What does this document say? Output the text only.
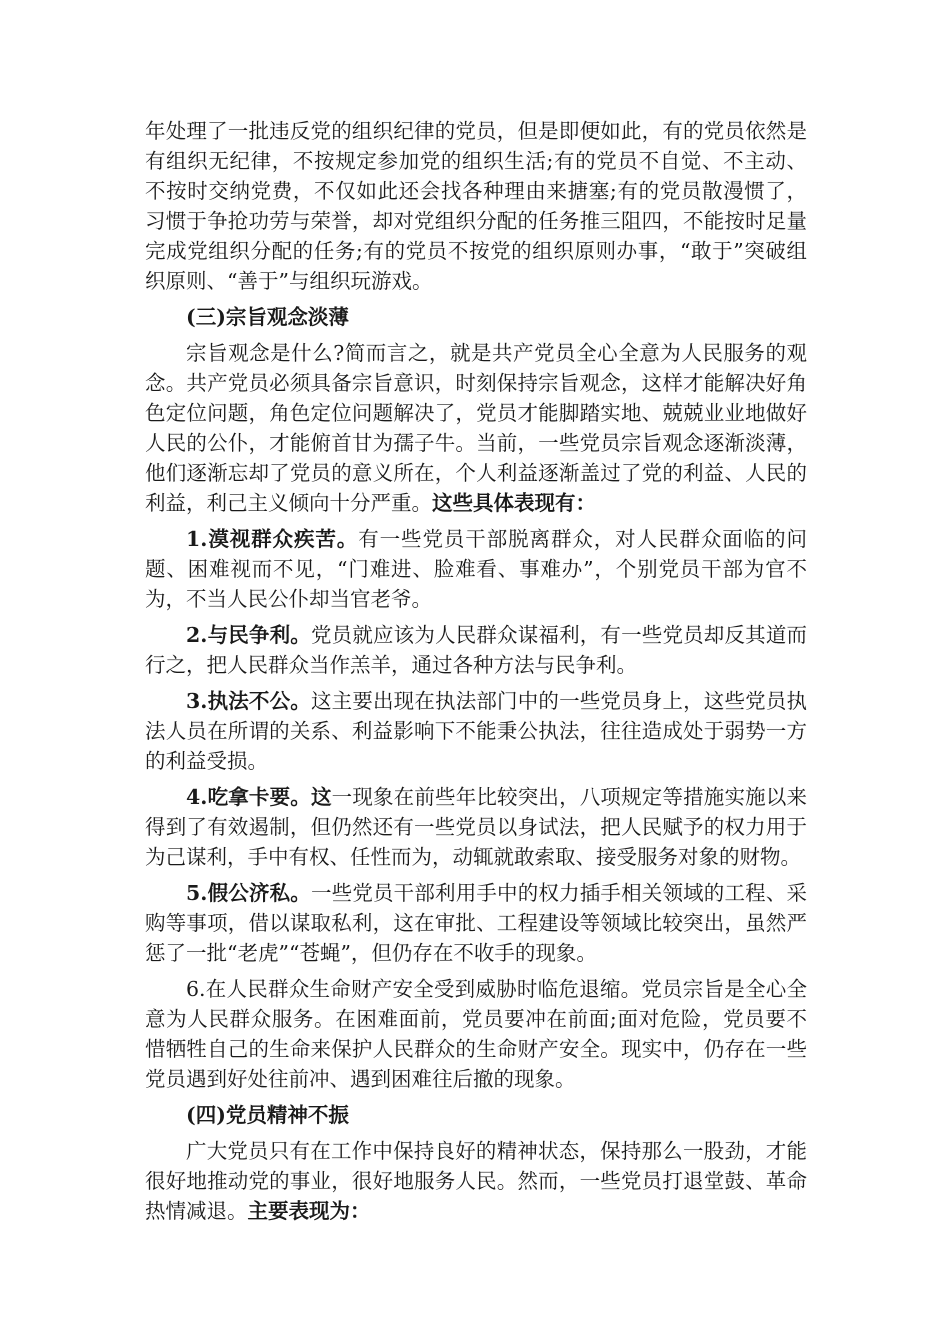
年处理了一批违反党的组织纪律的党员，但是即便如此，有的党员依然是有组织无纪律，不按规定参加党的组织生活;有的党员不自觉、不主动、不按时交纳党费，不仅如此还会找各种理由来搪塞;有的党员散漫惯了，习惯于争抢功劳与荣誉，却对党组织分配的任务推三阻四，不能按时足量完成党组织分配的任务;有的党员不按党的组织原则办事，“敢于”突破组织原则、“善于”与组织玩游戏。

(三)宗旨观念淡薄

宗旨观念是什么?简而言之，就是共产党员全心全意为人民服务的观念。共产党员必须具备宗旨意识，时刻保持宗旨观念，这样才能解决好角色定位问题，角色定位问题解决了，党员才能脚踏实地、兢兢业业地做好人民的公仆，才能俯首甘为孺子牛。当前，一些党员宗旨观念逐渐淡薄，他们逐渐忘却了党员的意义所在，个人利益逐渐盖过了党的利益、人民的利益，利己主义倾向十分严重。这些具体表现有：

1.漠视群众疾苦。有一些党员干部脱离群众，对人民群众面临的问题、困难视而不见，“门难进、脸难看、事难办”，个别党员干部为官不为，不当人民公仆却当官老爷。

2.与民争利。党员就应该为人民群众谋福利，有一些党员却反其道而行之，把人民群众当作羔羊，通过各种方法与民争利。

3.执法不公。这主要出现在执法部门中的一些党员身上，这些党员执法人员在所谓的关系、利益影响下不能秉公执法，往往造成处于弱势一方的利益受损。

4.吃拿卡要。这一现象在前些年比较突出，八项规定等措施实施以来得到了有效遏制，但仍然还有一些党员以身试法，把人民赋予的权力用于为己谋利，手中有权、任性而为，动辄就敢索取、接受服务对象的财物。

5.假公济私。一些党员干部利用手中的权力插手相关领域的工程、采购等事项，借以谋取私利，这在审批、工程建设等领域比较突出，虽然严惩了一批“老虎”“苍蝇”，但仍存在不收手的现象。

6.在人民群众生命财产安全受到威胁时临危退缩。党员宗旨是全心全意为人民群众服务。在困难面前，党员要冲在前面;面对危险，党员要不惜牺牲自己的生命来保护人民群众的生命财产安全。现实中，仍存在一些党员遇到好处往前冲、遇到困难往后撤的现象。

(四)党员精神不振

广大党员只有在工作中保持良好的精神状态，保持那么一股劲，才能很好地推动党的事业，很好地服务人民。然而，一些党员打退堂鼓、革命热情减退。主要表现为：
